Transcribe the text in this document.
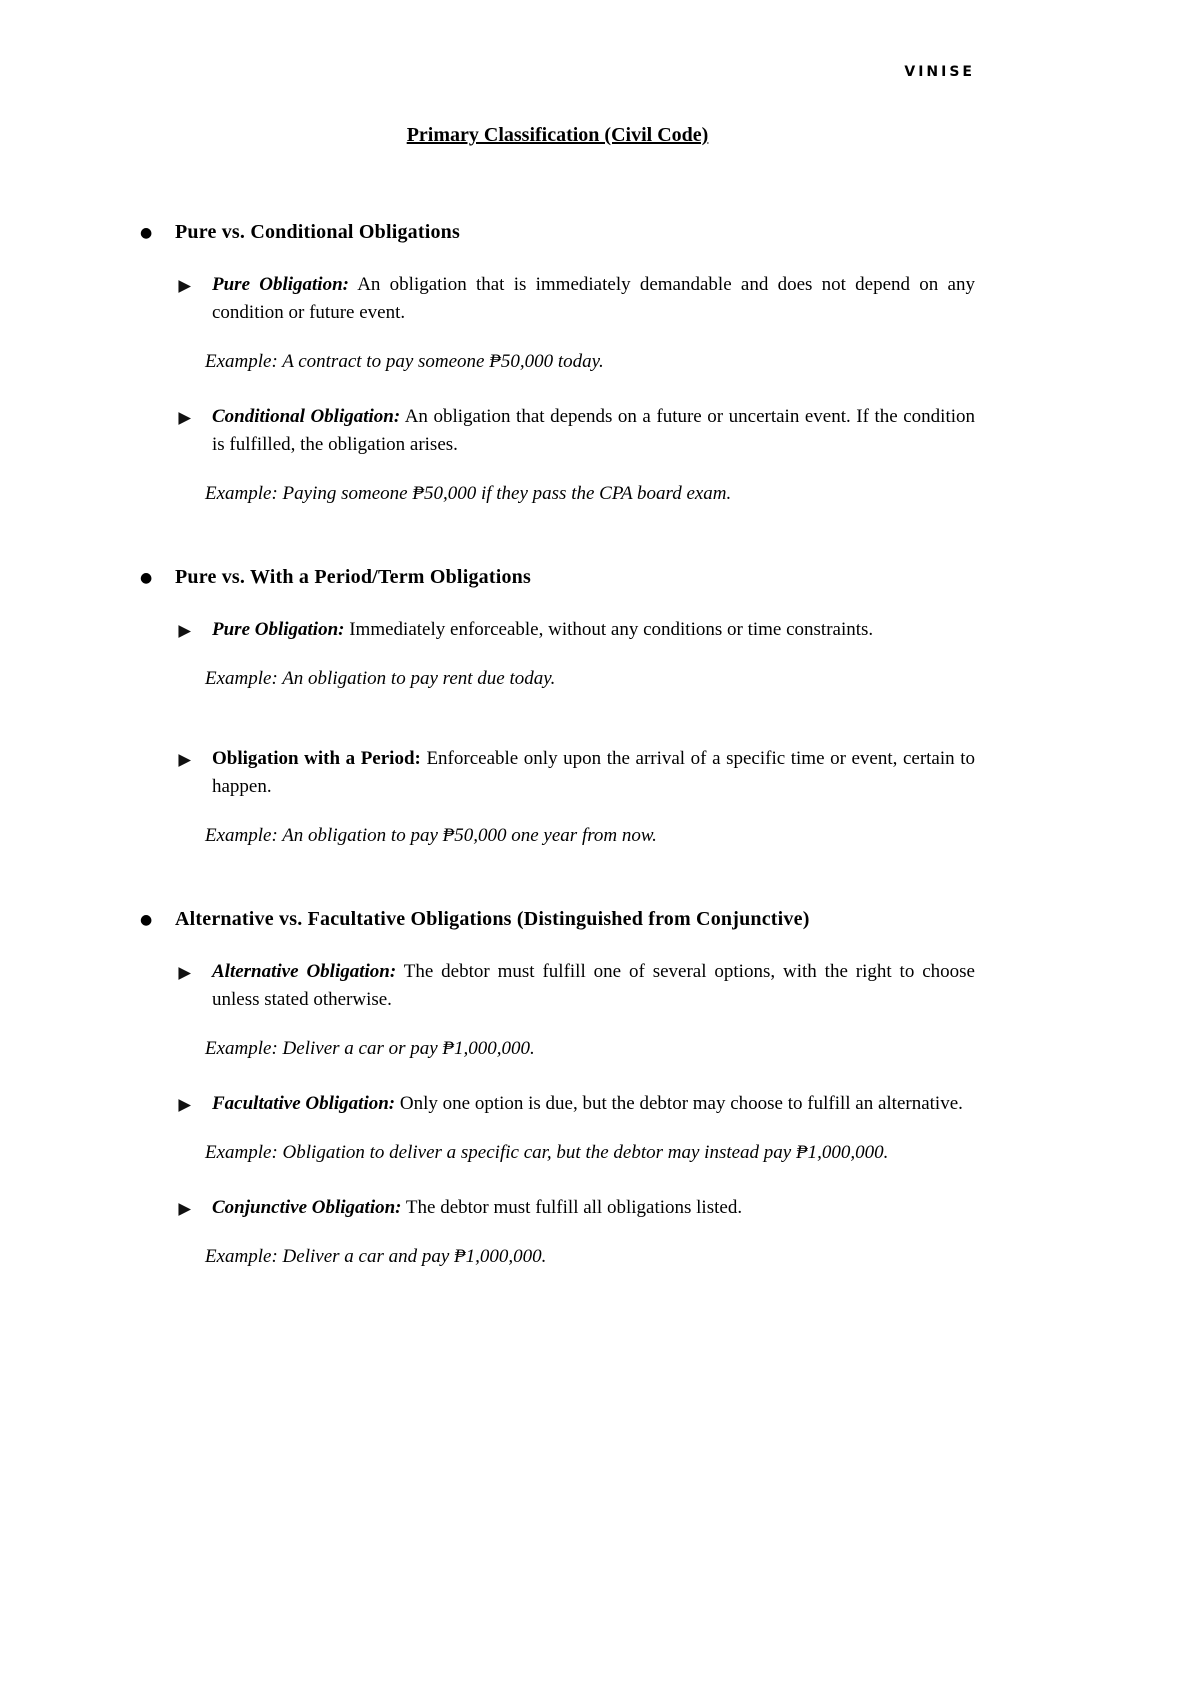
VINISE
Primary Classification (Civil Code)
●	Pure vs. Conditional Obligations

Pure Obligation: An obligation that is immediately demandable and does not depend on any condition or future event.

Example: A contract to pay someone ₱50,000 today.

Conditional Obligation: An obligation that depends on a future or uncertain event. If the condition is fulfilled, the obligation arises.

Example: Paying someone ₱50,000 if they pass the CPA board exam.

●	Pure vs. With a Period/Term Obligations

Pure Obligation: Immediately enforceable, without any conditions or time constraints.

Example: An obligation to pay rent due today.

Obligation with a Period: Enforceable only upon the arrival of a specific time or event, certain to happen.

Example: An obligation to pay ₱50,000 one year from now.

●	Alternative vs. Facultative Obligations (Distinguished from Conjunctive)

Alternative Obligation: The debtor must fulfill one of several options, with the right to choose unless stated otherwise.

Example: Deliver a car or pay ₱1,000,000.

Facultative Obligation: Only one option is due, but the debtor may choose to fulfill an alternative.

Example: Obligation to deliver a specific car, but the debtor may instead pay ₱1,000,000.

Conjunctive Obligation: The debtor must fulfill all obligations listed.

Example: Deliver a car and pay ₱1,000,000.
